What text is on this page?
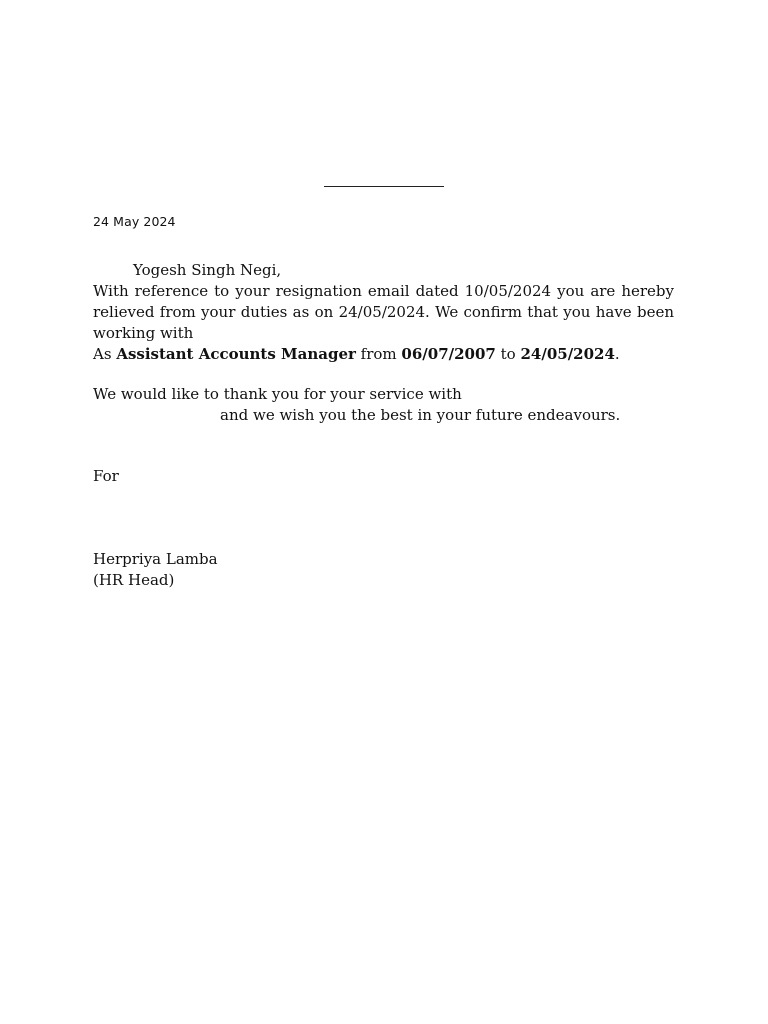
24 May 2024
Yogesh Singh Negi,
With reference to your resignation email dated 10/05/2024 you are hereby relieved from your duties as on 24/05/2024. We confirm that you have been working with
As Assistant Accounts Manager from 06/07/2007 to 24/05/2024.
We would like to thank you for your service with
and we wish you the best in your future endeavours.
For
Herpriya Lamba
(HR Head)
